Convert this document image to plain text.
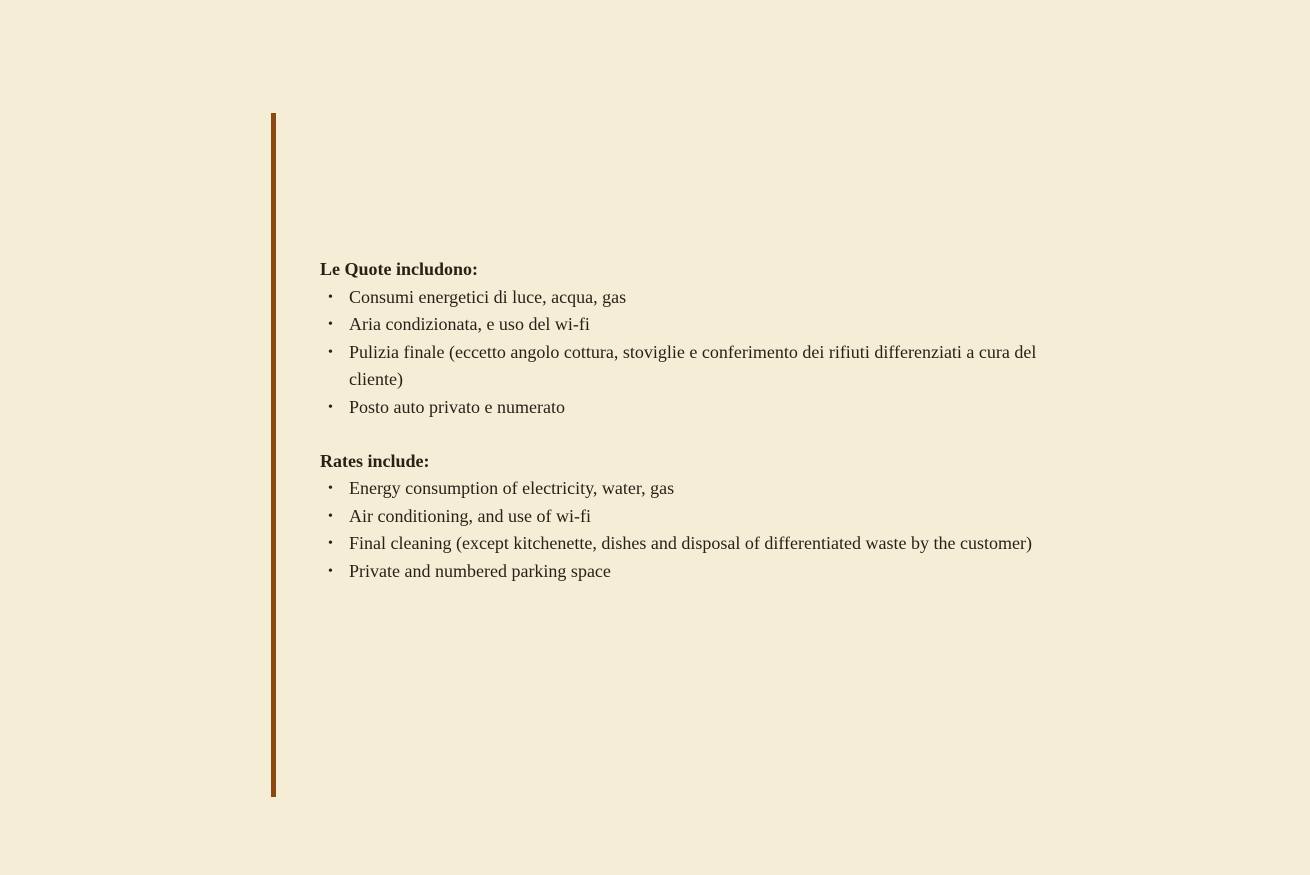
Le Quote includono:

• Consumi energetici di luce, acqua, gas
• Aria condizionata, e uso del wi-fi
• Pulizia finale (eccetto angolo cottura, stoviglie e conferimento dei rifiuti differenziati a cura del cliente)
• Posto auto privato e numerato

Rates include:

• Energy consumption of electricity, water, gas
• Air conditioning, and use of wi-fi
• Final cleaning (except kitchenette, dishes and disposal of differentiated waste by the customer)
• Private and numbered parking space
